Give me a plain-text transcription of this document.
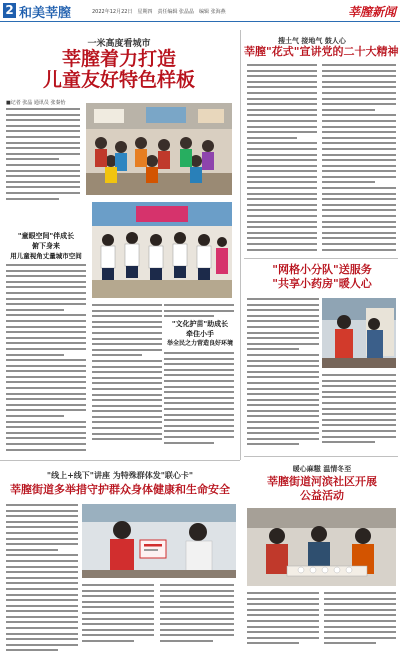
2 和美莘膣	2022年12月22日　星期四　责任编辑 张晶晶　编辑 张海燕	莘膣新闻
一米高度看城市
莘膣着力打造
儿童友好特色样板
■记者 张晶 通讯员 张秦怡
"童眼空间"伴成长
俯下身来
用儿童视角丈量城市空间
"文化护苗"助成长
牵住小手
举全民之力营造良好环境
搜土气 接地气 鼓人心
莘膣"花式"宣讲党的二十大精神
"网格小分队"送服务
"共享小药房"暖人心
"线上+线下"讲座 为特殊群体发"联心卡"
莘膣街道多举措守护群众身体健康和生命安全
暖心麻糍 温情冬至
莘膣街道河滨社区开展
公益活动
